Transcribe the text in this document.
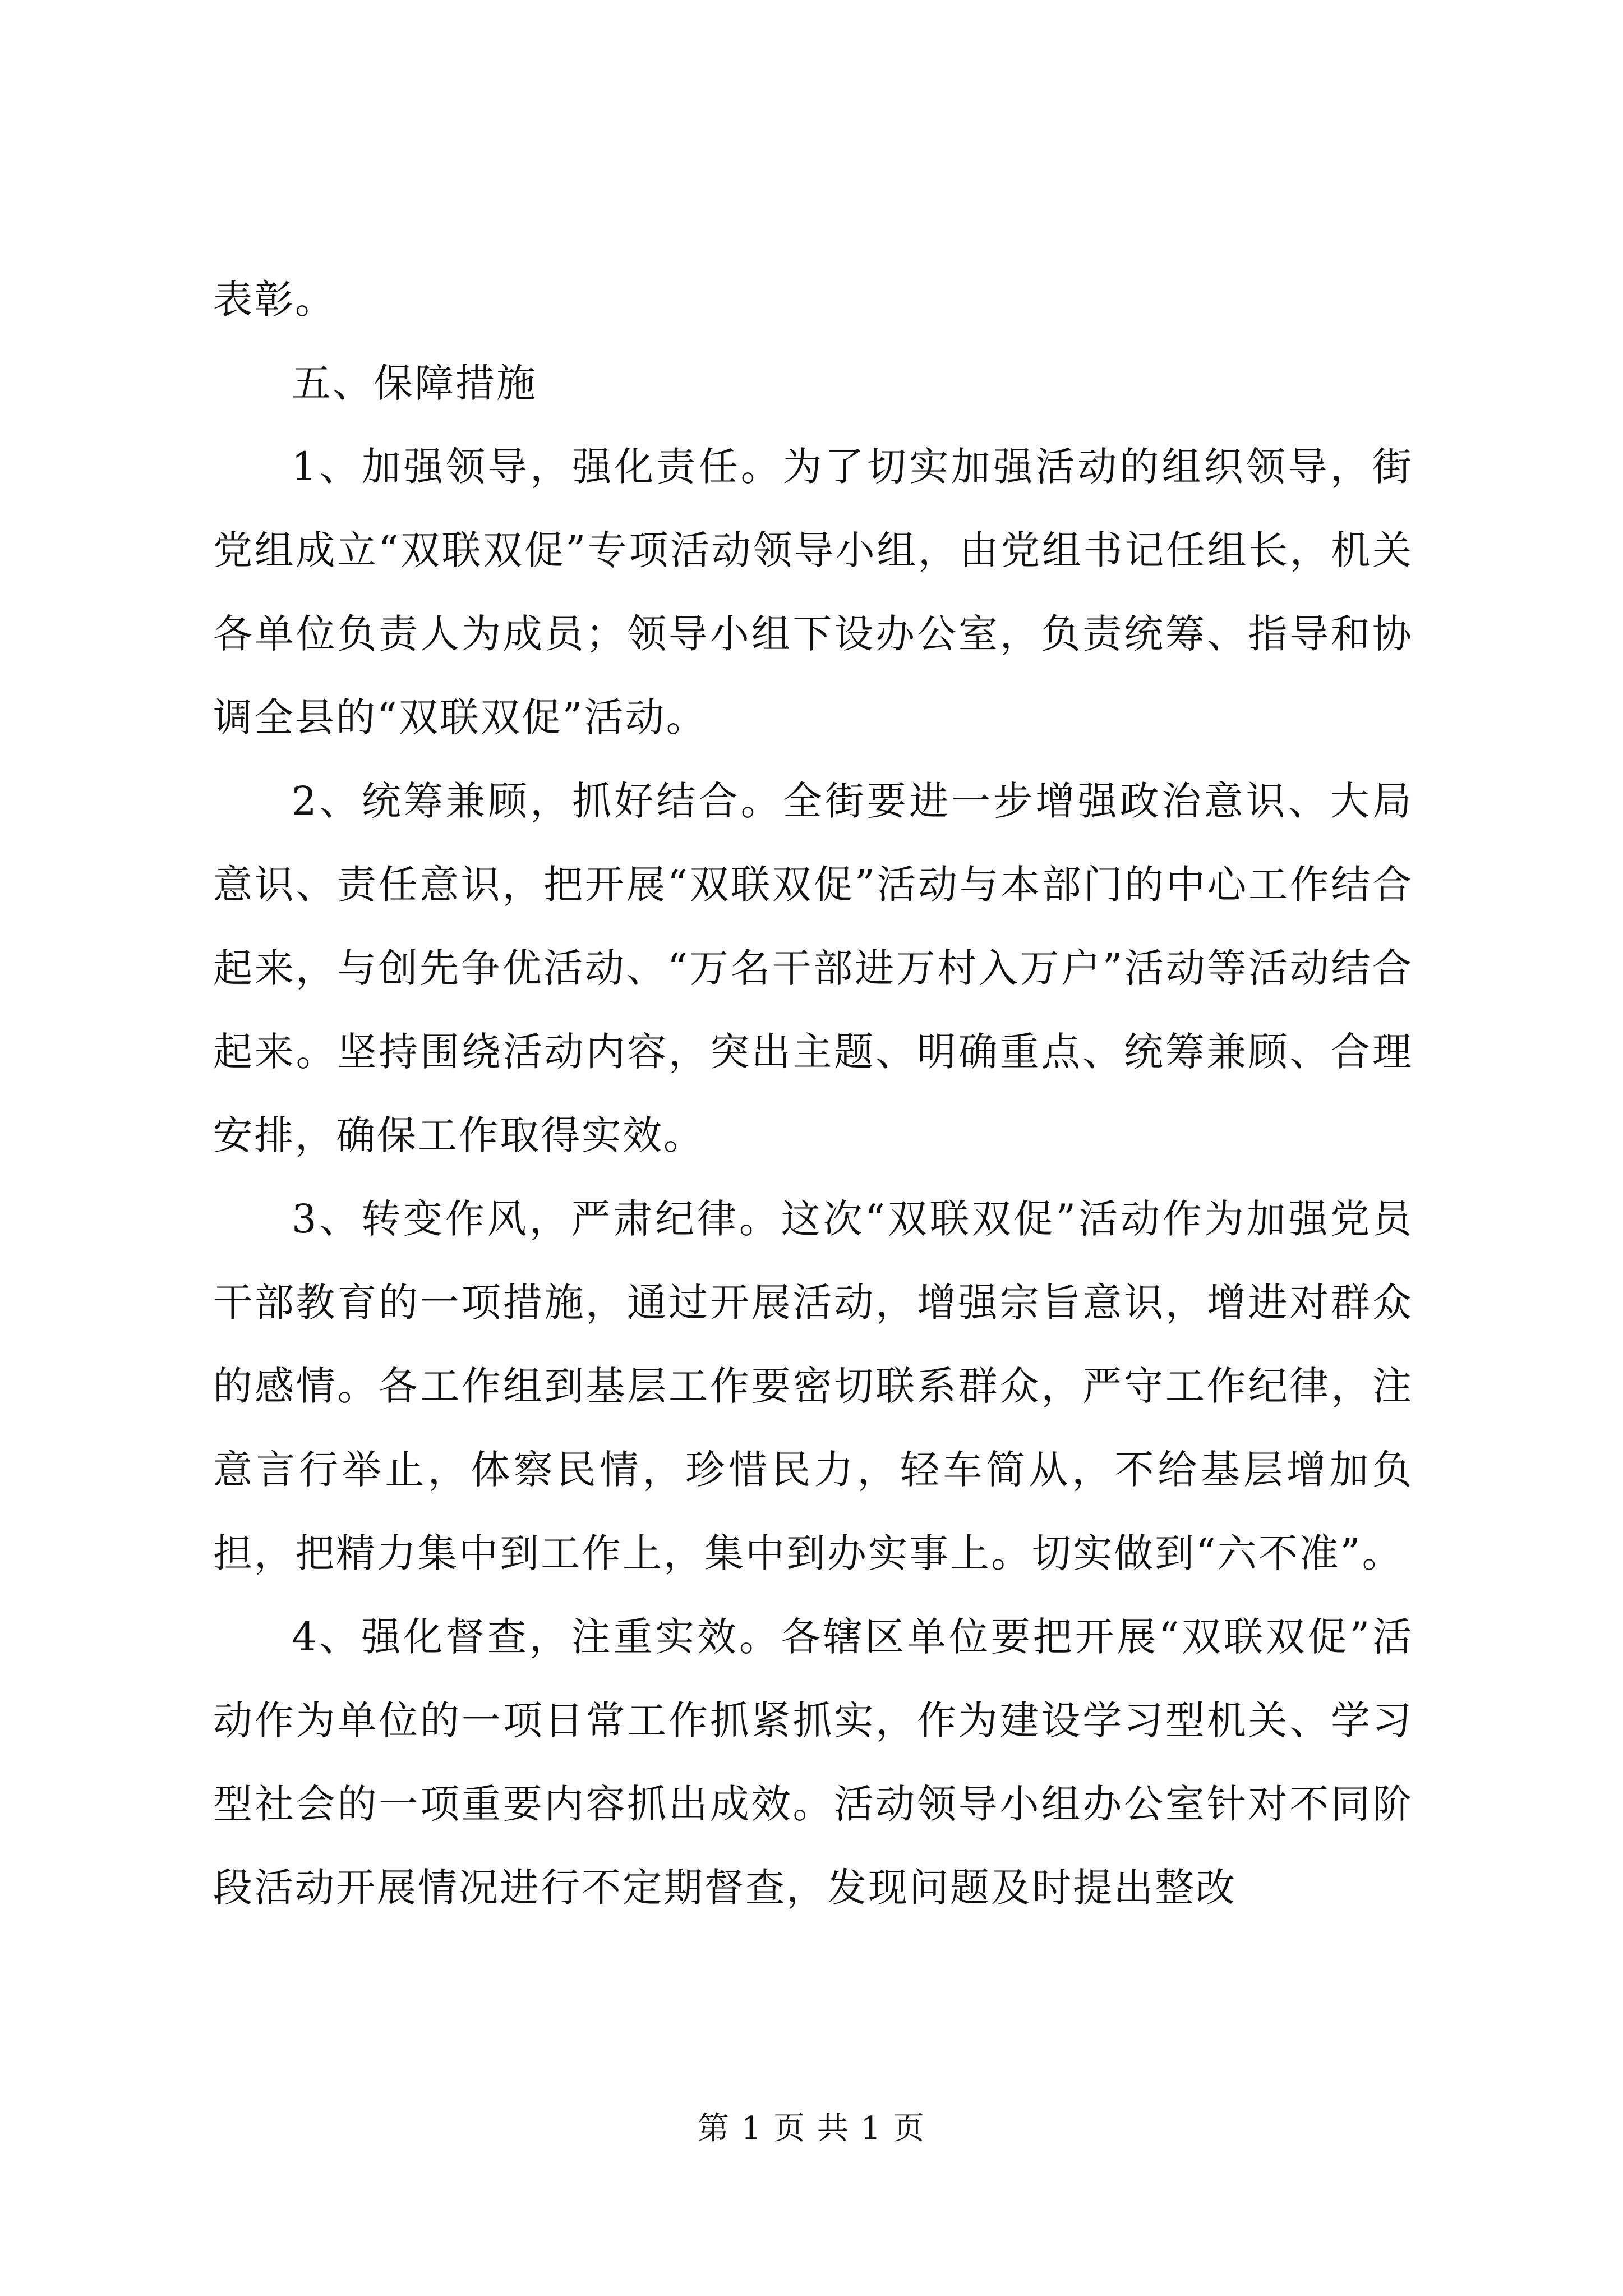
表彰。

五、保障措施

1、加强领导，强化责任。为了切实加强活动的组织领导，街党组成立“双联双促”专项活动领导小组，由党组书记任组长，机关各单位负责人为成员；领导小组下设办公室，负责统筹、指导和协调全县的“双联双促”活动。

2、统筹兼顾，抓好结合。全街要进一步增强政治意识、大局意识、责任意识，把开展“双联双促”活动与本部门的中心工作结合起来，与创先争优活动、“万名干部进万村入万户”活动等活动结合起来。坚持围绕活动内容，突出主题、明确重点、统筹兼顾、合理安排，确保工作取得实效。

3、转变作风，严肃纪律。这次“双联双促”活动作为加强党员干部教育的一项措施，通过开展活动，增强宗旨意识，增进对群众的感情。各工作组到基层工作要密切联系群众，严守工作纪律，注意言行举止，体察民情，珍惜民力，轻车简从，不给基层增加负担，把精力集中到工作上，集中到办实事上。切实做到“六不准”。

4、强化督查，注重实效。各辖区单位要把开展“双联双促”活动作为单位的一项日常工作抓紧抓实，作为建设学习型机关、学习型社会的一项重要内容抓出成效。活动领导小组办公室针对不同阶段活动开展情况进行不定期督查，发现问题及时提出整改

第 1 页 共 1 页
